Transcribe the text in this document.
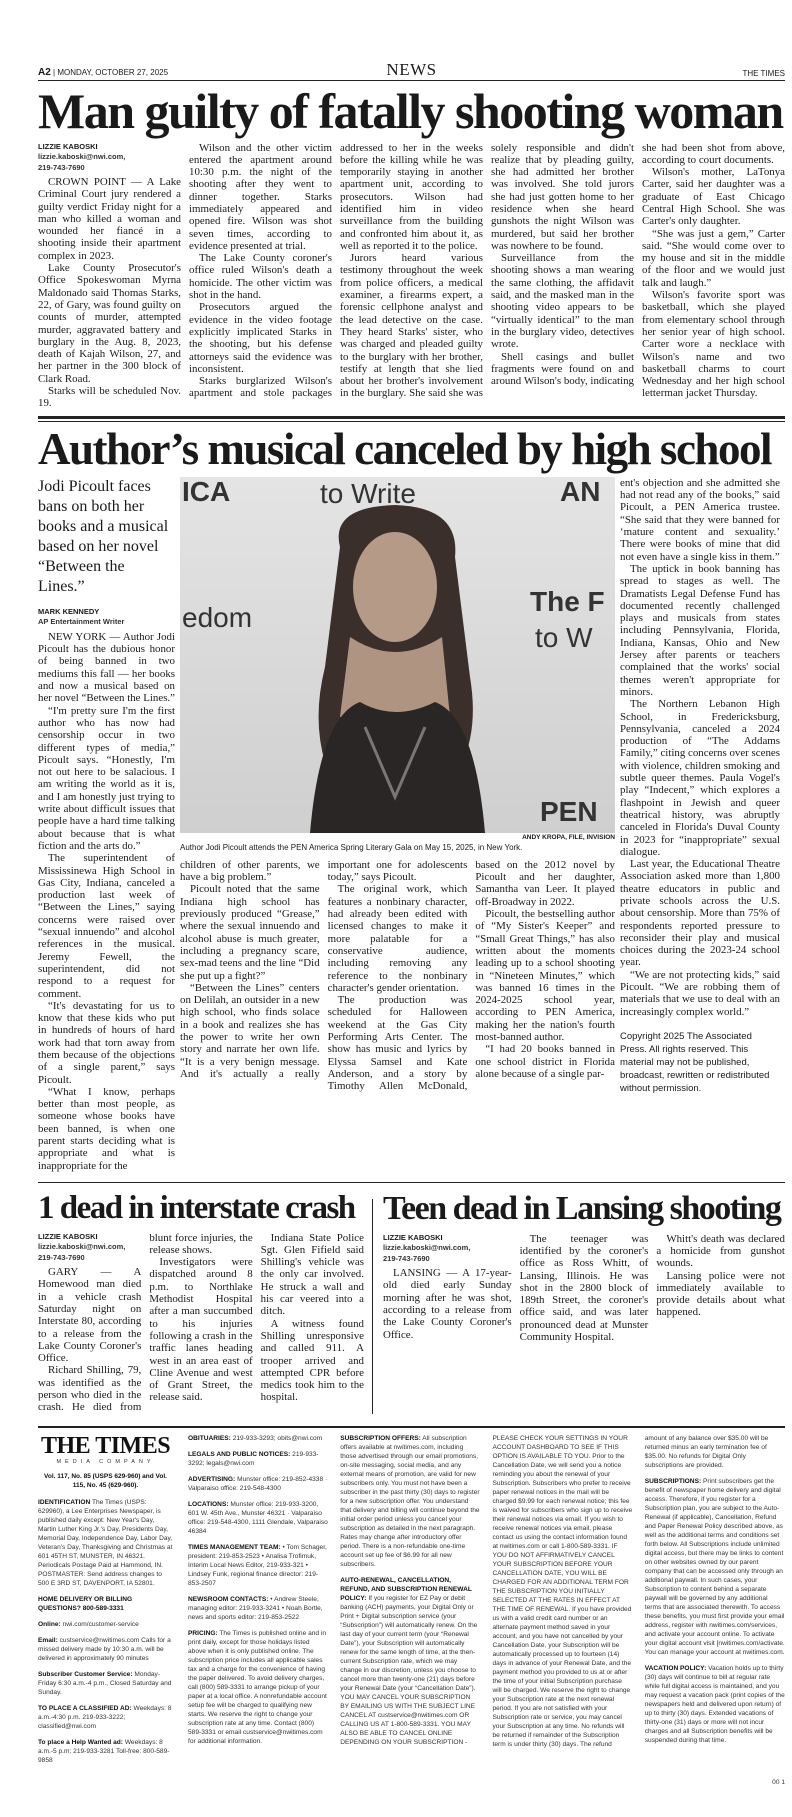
A2 | MONDAY, OCTOBER 27, 2025	NEWS	THE TIMES
Man guilty of fatally shooting woman
LIZZIE KABOSKI
lizzie.kaboski@nwi.com,
219-743-7690

CROWN POINT — A Lake Criminal Court jury rendered a guilty verdict Friday night for a man who killed a woman and wounded her fiancé in a shooting inside their apartment complex in 2023.

Lake County Prosecutor's Office Spokeswoman Myrna Maldonado said Thomas Starks, 22, of Gary, was found guilty on counts of murder, attempted murder, aggravated battery and burglary in the Aug. 8, 2023, death of Kajah Wilson, 27, and her partner in the 300 block of Clark Road.

Starks will be scheduled Nov. 19.

Wilson and the other victim entered the apartment around 10:30 p.m. the night of the shooting after they went to dinner together. Starks immediately appeared and opened fire. Wilson was shot seven times, according to evidence presented at trial.

The Lake County coroner's office ruled Wilson's death a homicide. The other victim was shot in the hand.

Prosecutors argued the evidence in the video footage explicitly implicated Starks in the shooting, but his defense attorneys said the evidence was inconsistent.

Starks burglarized Wilson's apartment and stole packages addressed to her in the weeks before the killing while he was temporarily staying in another apartment unit, according to prosecutors. Wilson had identified him in video surveillance from the building and confronted him about it, as well as reported it to the police.

Jurors heard various testimony throughout the week from police officers, a medical examiner, a firearms expert, a forensic cellphone analyst and the lead detective on the case. They heard Starks' sister, who was charged and pleaded guilty to the burglary with her brother, testify at length that she lied about her brother's involvement in the burglary. She said she was solely responsible and didn't realize that by pleading guilty, she had admitted her brother was involved. She told jurors she had just gotten home to her residence when she heard gunshots the night Wilson was murdered, but said her brother was nowhere to be found.

Surveillance from the shooting shows a man wearing the same clothing, the affidavit said, and the masked man in the shooting video appears to be “virtually identical” to the man in the burglary video, detectives wrote.

Shell casings and bullet fragments were found on and around Wilson's body, indicating she had been shot from above, according to court documents.

Wilson's mother, LaTonya Carter, said her daughter was a graduate of East Chicago Central High School. She was Carter's only daughter.

“She was just a gem,” Carter said. “She would come over to my house and sit in the middle of the floor and we would just talk and laugh.”

Wilson's favorite sport was basketball, which she played from elementary school through her senior year of high school. Carter wore a necklace with Wilson's name and two basketball charms to court Wednesday and her high school letterman jacket Thursday.

Author’s musical canceled by high school
Jodi Picoult faces bans on both her books and a musical based on her novel “Between the Lines.”
MARK KENNEDY
AP Entertainment Writer

NEW YORK — Author Jodi Picoult has the dubious honor of being banned in two mediums this fall — her books and now a musical based on her novel “Between the Lines.”

“I'm pretty sure I'm the first author who has now had censorship occur in two different types of media,” Picoult says. “Honestly, I'm not out here to be salacious. I am writing the world as it is, and I am honestly just trying to write about difficult issues that people have a hard time talking about because that is what fiction and the arts do.”

The superintendent of Mississinewa High School in Gas City, Indiana, canceled a production last week of “Between the Lines,” saying concerns were raised over “sexual innuendo” and alcohol references in the musical. Jeremy Fewell, the superintendent, did not respond to a request for comment.

“It's devastating for us to know that these kids who put in hundreds of hours of hard work had that torn away from them because of the objections of a single parent,” says Picoult.

“What I know, perhaps better than most people, as someone whose books have been banned, is when one parent starts deciding what is appropriate and what is inappropriate for the

ICA	to Write
edom
The F
to W
PEN
AN
ANDY KROPA, FILE, INVISION
Author Jodi Picoult attends the PEN America Spring Literary Gala on May 15, 2025, in New York.

children of other parents, we have a big problem.”

Picoult noted that the same Indiana high school has previously produced “Grease,” where the sexual innuendo and alcohol abuse is much greater, including a pregnancy scare, sex-mad teens and the line “Did she put up a fight?”

“Between the Lines” centers on Delilah, an outsider in a new high school, who finds solace in a book and realizes she has the power to write her own story and narrate her own life. “It is a very benign message. And it's actually a really important one for adolescents today,” says Picoult.

The original work, which features a nonbinary character, had already been edited with licensed changes to make it more palatable for a conservative audience, including removing any reference to the nonbinary character's gender orientation.

The production was scheduled for Halloween weekend at the Gas City Performing Arts Center. The show has music and lyrics by Elyssa Samsel and Kate Anderson, and a story by Timothy Allen McDonald, based on the 2012 novel by Picoult and her daughter, Samantha van Leer. It played off-Broadway in 2022.

Picoult, the bestselling author of “My Sister's Keeper” and “Small Great Things,” has also written about the moments leading up to a school shooting in “Nineteen Minutes,” which was banned 16 times in the 2024-2025 school year, according to PEN America, making her the nation's fourth most-banned author.

“I had 20 books banned in one school district in Florida alone because of a single par-

ent's objection and she admitted she had not read any of the books,” said Picoult, a PEN America trustee. “She said that they were banned for ‘mature content and sexuality.’ There were books of mine that did not even have a single kiss in them.”

The uptick in book banning has spread to stages as well. The Dramatists Legal Defense Fund has documented recently challenged plays and musicals from states including Pennsylvania, Florida, Indiana, Kansas, Ohio and New Jersey after parents or teachers complained that the works' social themes weren't appropriate for minors.

The Northern Lebanon High School, in Fredericksburg, Pennsylvania, canceled a 2024 production of “The Addams Family,” citing concerns over scenes with violence, children smoking and subtle queer themes. Paula Vogel's play “Indecent,” which explores a flashpoint in Jewish and queer theatrical history, was abruptly canceled in Florida's Duval County in 2023 for “inappropriate” sexual dialogue.

Last year, the Educational Theatre Association asked more than 1,800 theatre educators in public and private schools across the U.S. about censorship. More than 75% of respondents reported pressure to reconsider their play and musical choices during the 2023-24 school year.

“We are not protecting kids,” said Picoult. “We are robbing them of materials that we use to deal with an increasingly complex world.”

Copyright 2025 The Associated Press. All rights reserved. This material may not be published, broadcast, rewritten or redistributed without permission.
1 dead in interstate crash
LIZZIE KABOSKI
lizzie.kaboski@nwi.com, 219-743-7690

GARY — A Homewood man died in a vehicle crash Saturday night on Interstate 80, according to a release from the Lake County Coroner's Office.

Richard Shilling, 79, was identified as the person who died in the crash. He died from blunt force injuries, the release shows.

Investigators were dispatched around 8 p.m. to Northlake Methodist Hospital after a man succumbed to his injuries following a crash in the traffic lanes heading west in an area east of Cline Avenue and west of Grant Street, the release said.

Indiana State Police Sgt. Glen Fifield said Shilling's vehicle was the only car involved. He struck a wall and his car veered into a ditch.

A witness found Shilling unresponsive and called 911. A trooper arrived and attempted CPR before medics took him to the hospital.

Teen dead in Lansing shooting
LIZZIE KABOSKI
lizzie.kaboski@nwi.com,
219-743-7690

LANSING — A 17-year-old died early Sunday morning after he was shot, according to a release from the Lake County Coroner's Office.

The teenager was identified by the coroner's office as Ross Whitt, of Lansing, Illinois. He was shot in the 2800 block of 189th Street, the coroner's office said, and was later pronounced dead at Munster Community Hospital.

Whitt's death was declared a homicide from gunshot wounds.

Lansing police were not immediately available to provide details about what happened.

THE TIMES
MEDIA COMPANY
Vol. 117, No. 85 (USPS 629-960) and Vol. 115, No. 45 (629-960).

IDENTIFICATION The Times (USPS: 629960), a Lee Enterprises Newspaper, is published daily except: New Year's Day, Martin Luther King Jr.'s Day, Presidents Day, Memorial Day, Independence Day, Labor Day, Veteran's Day, Thanksgiving and Christmas at 601 45TH ST, MUNSTER, IN 46321. Periodicals Postage Paid at Hammond, IN. POSTMASTER: Send address changes to 500 E 3RD ST, DAVENPORT, IA 52801.

HOME DELIVERY OR BILLING QUESTIONS? 800-589-3331

Online: nwi.com/customer-service

Email: custservice@nwitimes.com Calls for a missed delivery made by 10:30 a.m. will be delivered in approximately 90 minutes

Subscriber Customer Service: Monday-Friday 6:30 a.m.-4 p.m., Closed Saturday and Sunday.

TO PLACE A CLASSIFIED AD: Weekdays: 8 a.m.-4:30 p.m. 219-933-3222; classified@nwi.com

To place a Help Wanted ad: Weekdays: 8 a.m.-5 p.m; 219-933-3281 Toll-free: 800-589-9858

OBITUARIES: 219-933-3293; obits@nwi.com

LEGALS AND PUBLIC NOTICES: 219-933-3292; legals@nwi.com

ADVERTISING: Munster office: 219-852-4338 · Valparaiso office: 219-548-4300

LOCATIONS: Munster office: 219-933-3200, 601 W. 45th Ave., Munster 46321 · Valparaiso office: 219-548-4300, 1111 Glendale, Valparaiso 46384

TIMES MANAGEMENT TEAM: • Tom Schager, president: 219-853-2523 • Analisa Trofimuk, Interim Local News Editor, 219-933-321 • Lindsey Funk, regional finance director: 219-853-2507

NEWSROOM CONTACTS: • Andrew Steele, managing editor: 219-933-3241 • Noah Bortle, news and sports editor: 219-853-2522

PRICING: The Times is published online and in print daily, except for those holidays listed above when it is only published online. The subscription price includes all applicable sales tax and a charge for the convenience of having the paper delivered. To avoid delivery charges, call (800) 589-3331 to arrange pickup of your paper at a local office. A nonrefundable account setup fee will be charged to qualifying new starts. We reserve the right to change your subscription rate at any time. Contact (800) 589-3331 or email custservice@nwitimes.com for additional information.

SUBSCRIPTION OFFERS: All subscription offers available at nwitimes.com, including those advertised through our email promotions, on-site messaging, social media, and any external means of promotion, are valid for new subscribers only. You must not have been a subscriber in the past thirty (30) days to register for a new subscription offer. You understand that delivery and billing will continue beyond the initial order period unless you cancel your subscription as detailed in the next paragraph. Rates may change after introductory offer period. There is a non-refundable one-time account set up fee of $6.99 for all new subscribers.

AUTO-RENEWAL, CANCELLATION, REFUND, AND SUBSCRIPTION RENEWAL POLICY: If you register for EZ Pay or debit banking (ACH) payments, your Digital Only or Print + Digital subscription service (your “Subscription”) will automatically renew. On the last day of your current term (your “Renewal Date”), your Subscription will automatically renew for the same length of time, at the then-current Subscription rate, which we may change in our discretion, unless you choose to cancel more than twenty-one (21) days before your Renewal Date (your “Cancellation Date”). YOU MAY CANCEL YOUR SUBSCRIPTION BY EMAILING US WITH THE SUBJECT LINE CANCEL AT custservice@nwitimes.com OR CALLING US AT 1-800-589-3331. YOU MAY ALSO BE ABLE TO CANCEL ONLINE DEPENDING ON YOUR SUBSCRIPTION - PLEASE CHECK YOUR SETTINGS IN YOUR ACCOUNT DASHBOARD TO SEE IF THIS OPTION IS AVAILABLE TO YOU. Prior to the Cancellation Date, we will send you a notice reminding you about the renewal of your Subscription. Subscribers who prefer to receive paper renewal notices in the mail will be charged $9.99 for each renewal notice; this fee is waived for subscribers who sign up to receive their renewal notices via email. If you wish to receive renewal notices via email, please contact us using the contact information found at nwitimes.com or call 1-800-589-3331. IF YOU DO NOT AFFIRMATIVELY CANCEL YOUR SUBSCRIPTION BEFORE YOUR CANCELLATION DATE, YOU WILL BE CHARGED FOR AN ADDITIONAL TERM FOR THE SUBSCRIPTION YOU INITIALLY SELECTED AT THE RATES IN EFFECT AT THE TIME OF RENEWAL. If you have provided us with a valid credit card number or an alternate payment method saved in your account, and you have not cancelled by your Cancellation Date, your Subscription will be automatically processed up to fourteen (14) days in advance of your Renewal Date, and the payment method you provided to us at or after the time of your initial Subscription purchase will be charged. We reserve the right to change your Subscription rate at the next renewal period. If you are not satisfied with your Subscription rate or service, you may cancel your Subscription at any time. No refunds will be returned if remainder of the Subscription term is under thirty (30) days. The refund amount of any balance over $35.00 will be returned minus an early termination fee of $35.00. No refunds for Digital Only subscriptions are provided.

SUBSCRIPTIONS: Print subscribers get the benefit of newspaper home delivery and digital access. Therefore, if you register for a Subscription plan, you are subject to the Auto-Renewal (if applicable), Cancellation, Refund and Paper Renewal Policy described above, as well as the additional terms and conditions set forth below. All Subscriptions include unlimited digital access, but there may be links to content on other websites owned by our parent company that can be accessed only through an additional paywall. In such cases, your Subscription to content behind a separate paywall will be governed by any additional terms that are associated therewith. To access these benefits, you must first provide your email address, register with nwitimes.com/services, and activate your account online. To activate your digital account visit [nwitimes.com/activate. You can manage your account at nwitimes.com.

VACATION POLICY: Vacation holds up to thirty (30) days will continue to bill at regular rate while full digital access is maintained, and you may request a vacation pack (print copies of the newspapers held and delivered upon return) of up to thirty (30) days. Extended vacations of thirty-one (31) days or more will not incur charges and all Subscription benefits will be suspended during that time.

00 1
